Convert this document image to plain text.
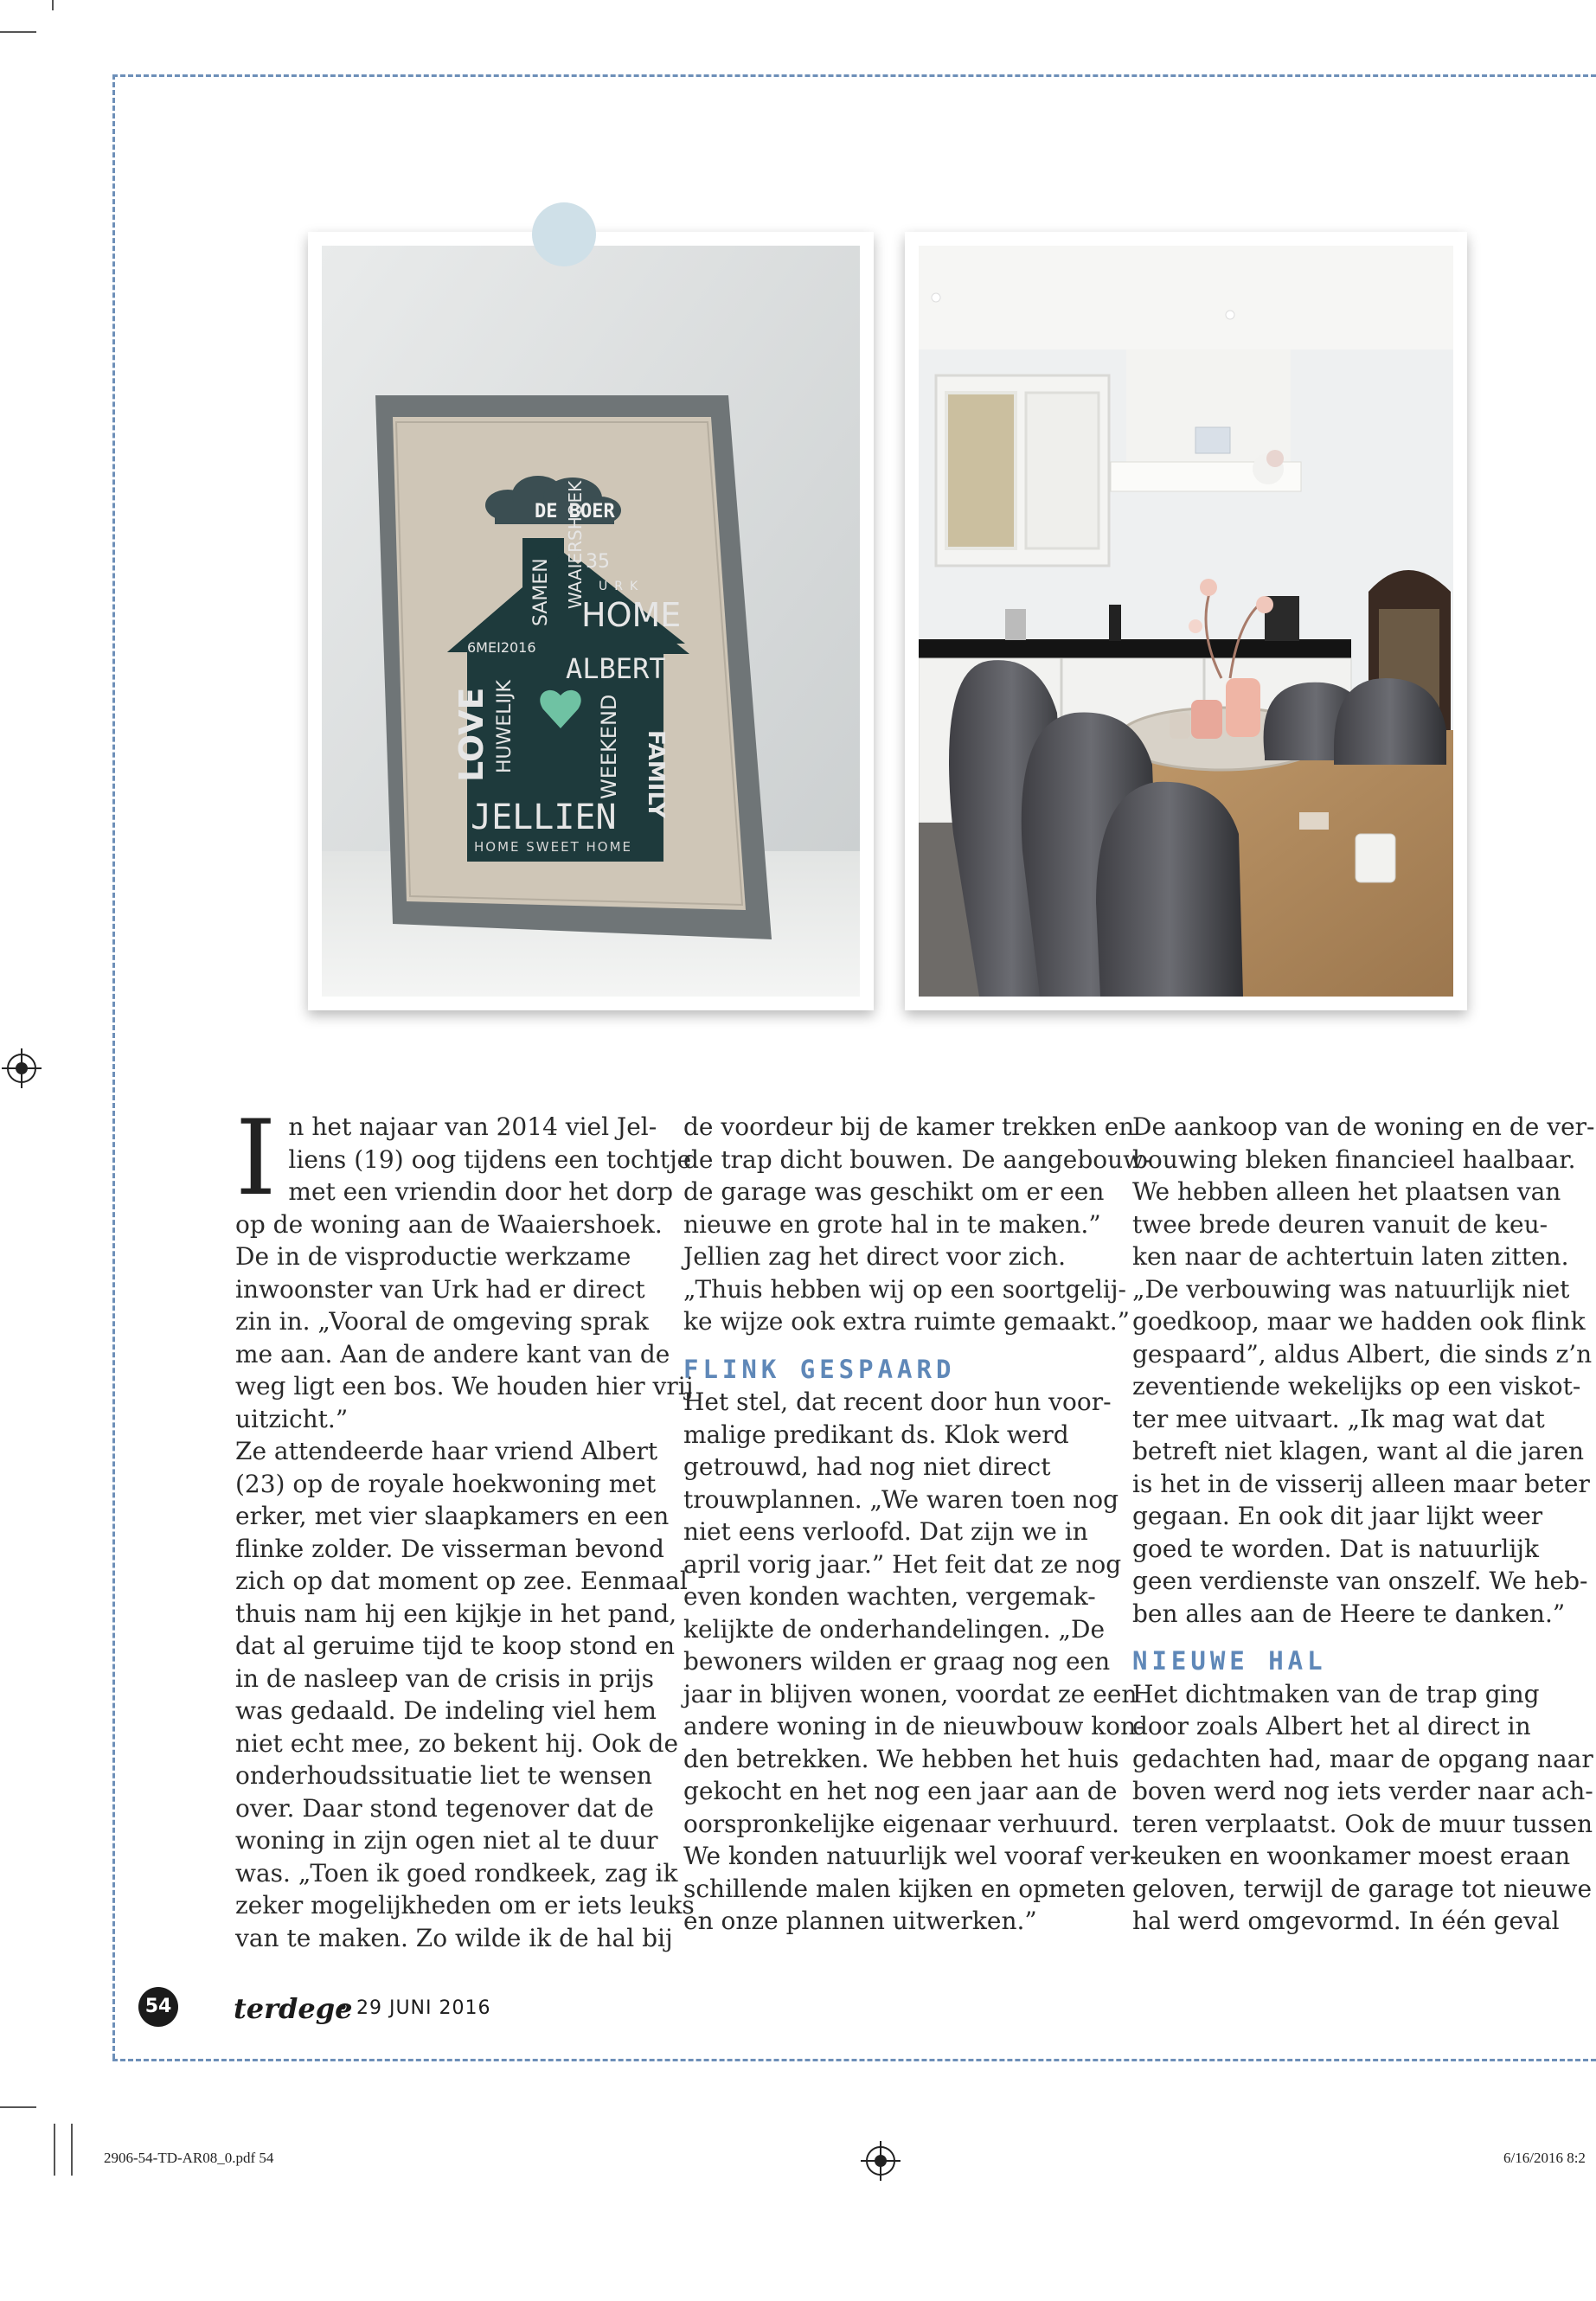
DE BOER
LOVE HUWELIJK
SAMEN
6MEI2016
WAAIERSHOEK 35
URK
HOME
ALBERT
WEEKEND FAMILY
JELLIEN
HOME SWEET HOME
I n het najaar van 2014 viel Jel-
liens (19) oog tijdens een tochtje
met een vriendin door het dorp
op de woning aan de Waaiershoek.
De in de visproductie werkzame
inwoonster van Urk had er direct
zin in. „Vooral de omgeving sprak
me aan. Aan de andere kant van de
weg ligt een bos. We houden hier vrij
uitzicht.”
Ze attendeerde haar vriend Albert
(23) op de royale hoekwoning met
erker, met vier slaapkamers en een
flinke zolder. De visserman bevond
zich op dat moment op zee. Eenmaal
thuis nam hij een kijkje in het pand,
dat al geruime tijd te koop stond en
in de nasleep van de crisis in prijs
was gedaald. De indeling viel hem
niet echt mee, zo bekent hij. Ook de
onderhoudssituatie liet te wensen
over. Daar stond tegenover dat de
woning in zijn ogen niet al te duur
was. „Toen ik goed rondkeek, zag ik
zeker mogelijkheden om er iets leuks
van te maken. Zo wilde ik de hal bij
de voordeur bij de kamer trekken en
de trap dicht bouwen. De aangebouw-
de garage was geschikt om er een
nieuwe en grote hal in te maken.”
Jellien zag het direct voor zich.
„Thuis hebben wij op een soortgelij-
ke wijze ook extra ruimte gemaakt.”
FLINK GESPAARD
Het stel, dat recent door hun voor-
malige predikant ds. Klok werd
getrouwd, had nog niet direct
trouwplannen. „We waren toen nog
niet eens verloofd. Dat zijn we in
april vorig jaar.” Het feit dat ze nog
even konden wachten, vergemak-
kelijkte de onderhandelingen. „De
bewoners wilden er graag nog een
jaar in blijven wonen, voordat ze een
andere woning in de nieuwbouw kon-
den betrekken. We hebben het huis
gekocht en het nog een jaar aan de
oorspronkelijke eigenaar verhuurd.
We konden natuurlijk wel vooraf ver-
schillende malen kijken en opmeten
en onze plannen uitwerken.”
De aankoop van de woning en de ver-
bouwing bleken financieel haalbaar.
We hebben alleen het plaatsen van
twee brede deuren vanuit de keu-
ken naar de achtertuin laten zitten.
„De verbouwing was natuurlijk niet
goedkoop, maar we hadden ook flink
gespaard”, aldus Albert, die sinds z’n
zeventiende wekelijks op een viskot-
ter mee uitvaart. „Ik mag wat dat
betreft niet klagen, want al die jaren
is het in de visserij alleen maar beter
gegaan. En ook dit jaar lijkt weer
goed te worden. Dat is natuurlijk
geen verdienste van onszelf. We heb-
ben alles aan de Heere te danken.”
NIEUWE HAL
Het dichtmaken van de trap ging
door zoals Albert het al direct in
gedachten had, maar de opgang naar
boven werd nog iets verder naar ach-
teren verplaatst. Ook de muur tussen
keuken en woonkamer moest eraan
geloven, terwijl de garage tot nieuwe
hal werd omgevormd. In één geval
54 terdege
• 29 JUNI 2016
2906-54-TD-AR08_0.pdf 54	6/16/2016 8:2
